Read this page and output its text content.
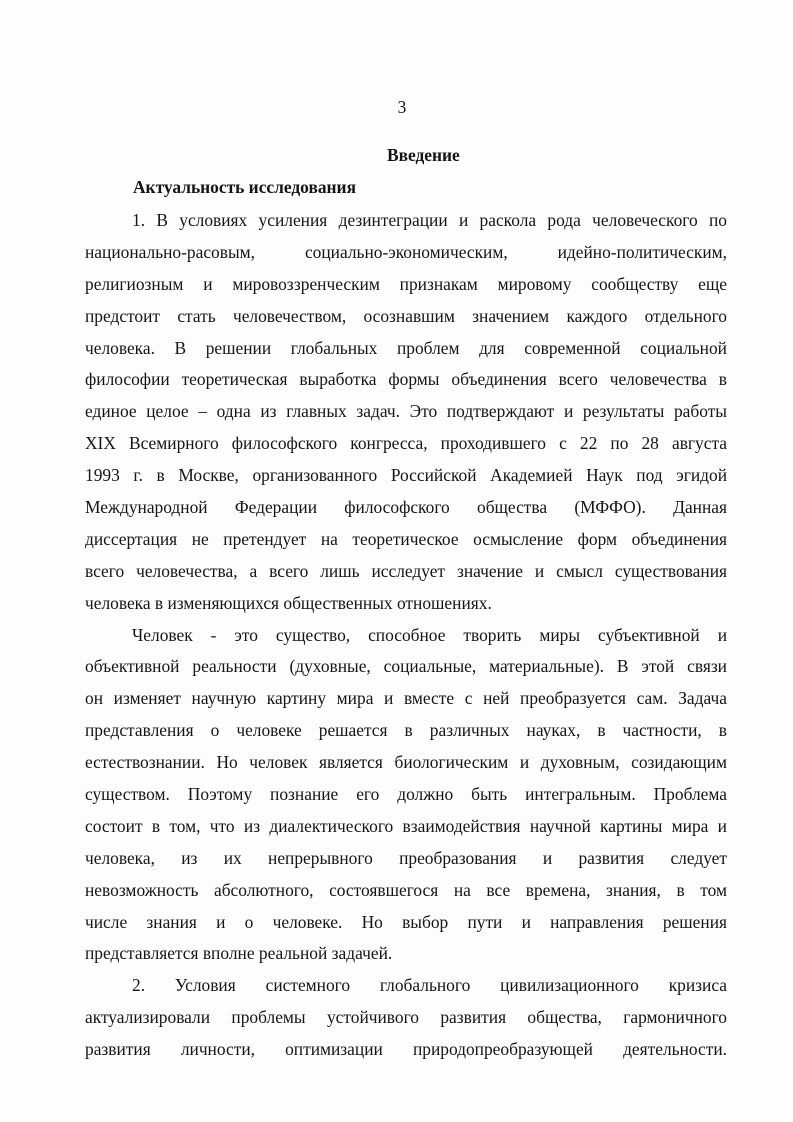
3
Введение
Актуальность исследования
1. В условиях усиления дезинтеграции и раскола рода человеческого по
национально-расовым, социально-экономическим, идейно-политическим,
религиозным и мировоззренческим признакам мировому сообществу еще
предстоит стать человечеством, осознавшим значением каждого отдельного
человека. В решении глобальных проблем для современной социальной
философии теоретическая выработка формы объединения всего человечества в
единое целое – одна из главных задач. Это подтверждают и результаты работы
XIX Всемирного философского конгресса, проходившего с 22 по 28 августа
1993 г. в Москве, организованного Российской Академией Наук под эгидой
Международной Федерации философского общества (МФФО). Данная
диссертация не претендует на теоретическое осмысление форм объединения
всего человечества, а всего лишь исследует значение и смысл существования
человека в изменяющихся общественных отношениях.
Человек - это существо, способное творить миры субъективной и
объективной реальности (духовные, социальные, материальные). В этой связи
он изменяет научную картину мира и вместе с ней преобразуется сам. Задача
представления о человеке решается в различных науках, в частности, в
естествознании. Но человек является биологическим и духовным, созидающим
существом. Поэтому познание его должно быть интегральным. Проблема
состоит в том, что из диалектического взаимодействия научной картины мира и
человека, из их непрерывного преобразования и развития следует
невозможность абсолютного, состоявшегося на все времена, знания, в том
числе знания и о человеке. Но выбор пути и направления решения
представляется вполне реальной задачей.
2. Условия системного глобального цивилизационного кризиса
актуализировали проблемы устойчивого развития общества, гармоничного
развития личности, оптимизации природопреобразующей деятельности.
